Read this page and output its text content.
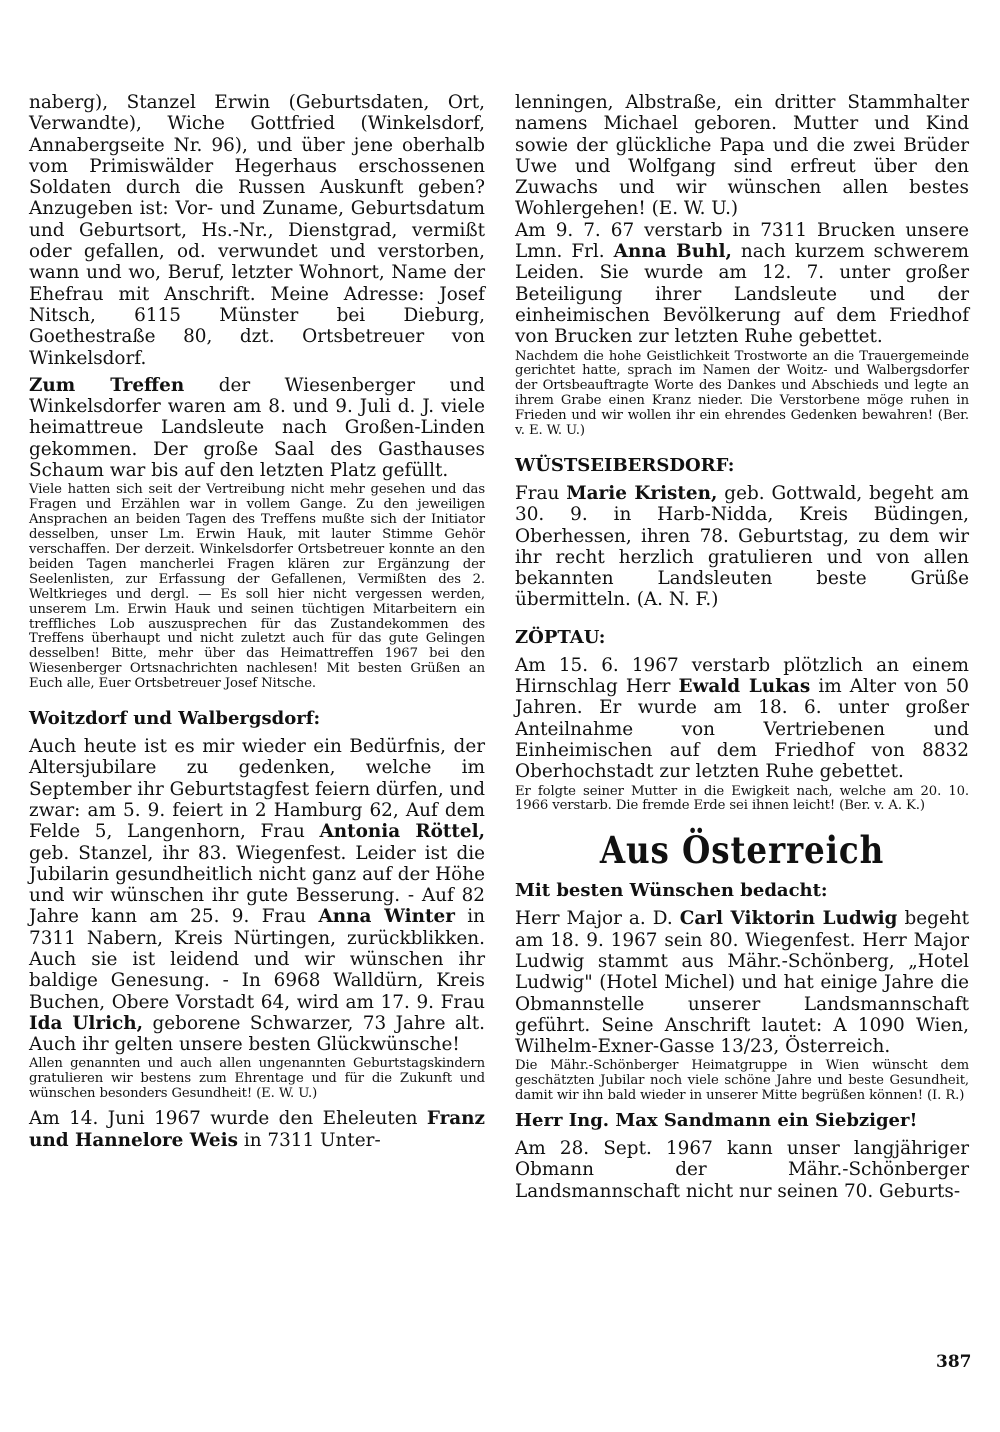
naberg), Stanzel Erwin (Geburtsdaten, Ort, Verwandte), Wiche Gottfried (Winkelsdorf, Annabergseite Nr. 96), und über jene oberhalb vom Primiswälder Hegerhaus erschossenen Soldaten durch die Russen Auskunft geben? Anzugeben ist: Vor- und Zuname, Geburtsdatum und Geburtsort, Hs.-Nr., Dienstgrad, vermißt oder gefallen, od. verwundet und verstorben, wann und wo, Beruf, letzter Wohnort, Name der Ehefrau mit Anschrift. Meine Adresse: Josef Nitsch, 6115 Münster bei Dieburg, Goethestraße 80, dzt. Ortsbetreuer von Winkelsdorf.

Zum Treffen der Wiesenberger und Winkelsdorfer waren am 8. und 9. Juli d. J. viele heimattreue Landsleute nach Großen-Linden gekommen. Der große Saal des Gasthauses Schaum war bis auf den letzten Platz gefüllt.

Viele hatten sich seit der Vertreibung nicht mehr gesehen und das Fragen und Erzählen war in vollem Gange. Zu den jeweiligen Ansprachen an beiden Tagen des Treffens mußte sich der Initiator desselben, unser Lm. Erwin Hauk, mit lauter Stimme Gehör verschaffen. Der derzeit. Winkelsdorfer Ortsbetreuer konnte an den beiden Tagen mancherlei Fragen klären zur Ergänzung der Seelenlisten, zur Erfassung der Gefallenen, Vermißten des 2. Weltkrieges und dergl. — Es soll hier nicht vergessen werden, unserem Lm. Erwin Hauk und seinen tüchtigen Mitarbeitern ein treffliches Lob auszusprechen für das Zustandekommen des Treffens überhaupt und nicht zuletzt auch für das gute Gelingen desselben! Bitte, mehr über das Heimattreffen 1967 bei den Wiesenberger Ortsnachrichten nachlesen! Mit besten Grüßen an Euch alle, Euer Ortsbetreuer Josef Nitsche.

Woitzdorf und Walbergsdorf:

Auch heute ist es mir wieder ein Bedürfnis, der Altersjubilare zu gedenken, welche im September ihr Geburtstagfest feiern dürfen, und zwar: am 5. 9. feiert in 2 Hamburg 62, Auf dem Felde 5, Langenhorn, Frau Antonia Röttel, geb. Stanzel, ihr 83. Wiegenfest. Leider ist die Jubilarin gesundheitlich nicht ganz auf der Höhe und wir wünschen ihr gute Besserung. - Auf 82 Jahre kann am 25. 9. Frau Anna Winter in 7311 Nabern, Kreis Nürtingen, zurückblikken. Auch sie ist leidend und wir wünschen ihr baldige Genesung. - In 6968 Walldürn, Kreis Buchen, Obere Vorstadt 64, wird am 17. 9. Frau Ida Ulrich, geborene Schwarzer, 73 Jahre alt. Auch ihr gelten unsere besten Glückwünsche!

Allen genannten und auch allen ungenannten Geburtstagskindern gratulieren wir bestens zum Ehrentage und für die Zukunft und wünschen besonders Gesundheit! (E. W. U.)

Am 14. Juni 1967 wurde den Eheleuten Franz und Hannelore Weis in 7311 Unter-

lenningen, Albstraße, ein dritter Stammhalter namens Michael geboren. Mutter und Kind sowie der glückliche Papa und die zwei Brüder Uwe und Wolfgang sind erfreut über den Zuwachs und wir wünschen allen bestes Wohlergehen! (E. W. U.)

Am 9. 7. 67 verstarb in 7311 Brucken unsere Lmn. Frl. Anna Buhl, nach kurzem schwerem Leiden. Sie wurde am 12. 7. unter großer Beteiligung ihrer Landsleute und der einheimischen Bevölkerung auf dem Friedhof von Brucken zur letzten Ruhe gebettet.

Nachdem die hohe Geistlichkeit Trostworte an die Trauergemeinde gerichtet hatte, sprach im Namen der Woitz- und Walbergsdorfer der Ortsbeauftragte Worte des Dankes und Abschieds und legte an ihrem Grabe einen Kranz nieder. Die Verstorbene möge ruhen in Frieden und wir wollen ihr ein ehrendes Gedenken bewahren! (Ber. v. E. W. U.)

WÜSTSEIBERSDORF:

Frau Marie Kristen, geb. Gottwald, begeht am 30. 9. in Harb-Nidda, Kreis Büdingen, Oberhessen, ihren 78. Geburtstag, zu dem wir ihr recht herzlich gratulieren und von allen bekannten Landsleuten beste Grüße übermitteln. (A. N. F.)

ZÖPTAU:

Am 15. 6. 1967 verstarb plötzlich an einem Hirnschlag Herr Ewald Lukas im Alter von 50 Jahren. Er wurde am 18. 6. unter großer Anteilnahme von Vertriebenen und Einheimischen auf dem Friedhof von 8832 Oberhochstadt zur letzten Ruhe gebettet.

Er folgte seiner Mutter in die Ewigkeit nach, welche am 20. 10. 1966 verstarb. Die fremde Erde sei ihnen leicht! (Ber. v. A. K.)

Aus Österreich
Mit besten Wünschen bedacht:

Herr Major a. D. Carl Viktorin Ludwig begeht am 18. 9. 1967 sein 80. Wiegenfest. Herr Major Ludwig stammt aus Mähr.-Schönberg, „Hotel Ludwig" (Hotel Michel) und hat einige Jahre die Obmannstelle unserer Landsmannschaft geführt. Seine Anschrift lautet: A 1090 Wien, Wilhelm-Exner-Gasse 13/23, Österreich.

Die Mähr.-Schönberger Heimatgruppe in Wien wünscht dem geschätzten Jubilar noch viele schöne Jahre und beste Gesundheit, damit wir ihn bald wieder in unserer Mitte begrüßen können! (I. R.)

Herr Ing. Max Sandmann ein Siebziger!

Am 28. Sept. 1967 kann unser langjähriger Obmann der Mähr.-Schönberger Landsmannschaft nicht nur seinen 70. Geburts-

387
